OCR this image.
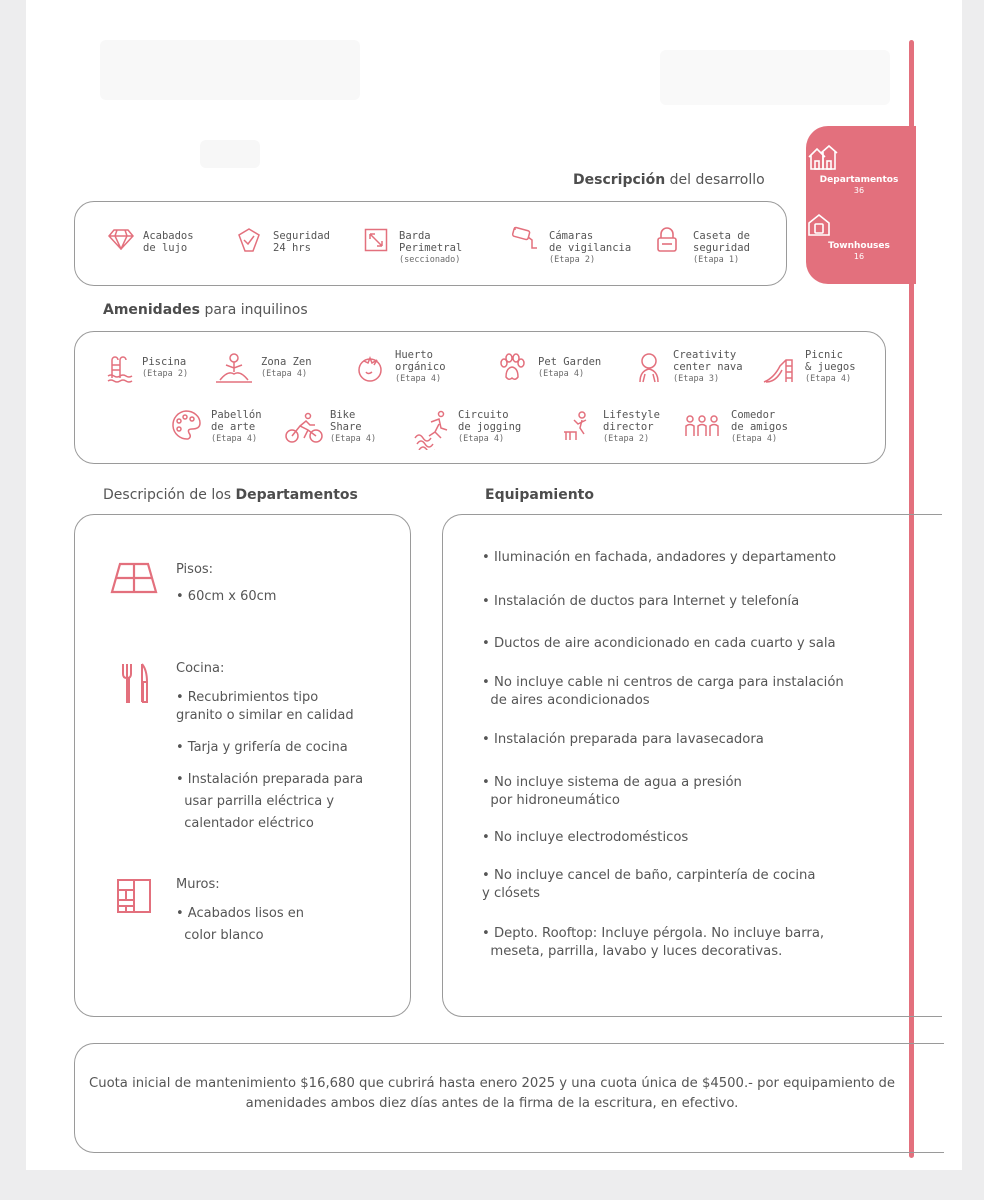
Departamentos
36
Townhouses
16
Descripción del desarrollo
Acabados
de lujo
Seguridad
24 hrs
Barda
Perimetral
(seccionado)
Cámaras
de vigilancia
(Etapa 2)
Caseta de
seguridad
(Etapa 1)
Amenidades para inquilinos
Piscina
(Etapa 2)
Zona Zen
(Etapa 4)
Huerto
orgánico
(Etapa 4)
Pet Garden
(Etapa 4)
Creativity
center nava
(Etapa 3)
Picnic
& juegos
(Etapa 4)
Pabellón
de arte
(Etapa 4)
Bike
Share
(Etapa 4)
Circuito
de jogging
(Etapa 4)
Lifestyle
director
(Etapa 2)
Comedor
de amigos
(Etapa 4)
Descripción de los Departamentos
Pisos:
• 60cm x 60cm
Cocina:
• Recubrimientos tipo
granito o similar en calidad
• Tarja y grifería de cocina
• Instalación preparada para
usar parrilla eléctrica y
calentador eléctrico
Muros:
• Acabados lisos en
color blanco
Equipamiento
• Iluminación en fachada, andadores y departamento
• Instalación de ductos para Internet y telefonía
• Ductos de aire acondicionado en cada cuarto y sala
• No incluye cable ni centros de carga para instalación
de aires acondicionados
• Instalación preparada para lavasecadora
• No incluye sistema de agua a presión
por hidroneumático
• No incluye electrodomésticos
• No incluye cancel de baño, carpintería de cocina
y clósets
• Depto. Rooftop: Incluye pérgola. No incluye barra,
meseta, parrilla, lavabo y luces decorativas.
Cuota inicial de mantenimiento $16,680 que cubrirá hasta enero 2025 y una cuota única de $4500.- por equipamiento de amenidades ambos diez días antes de la firma de la escritura, en efectivo.
